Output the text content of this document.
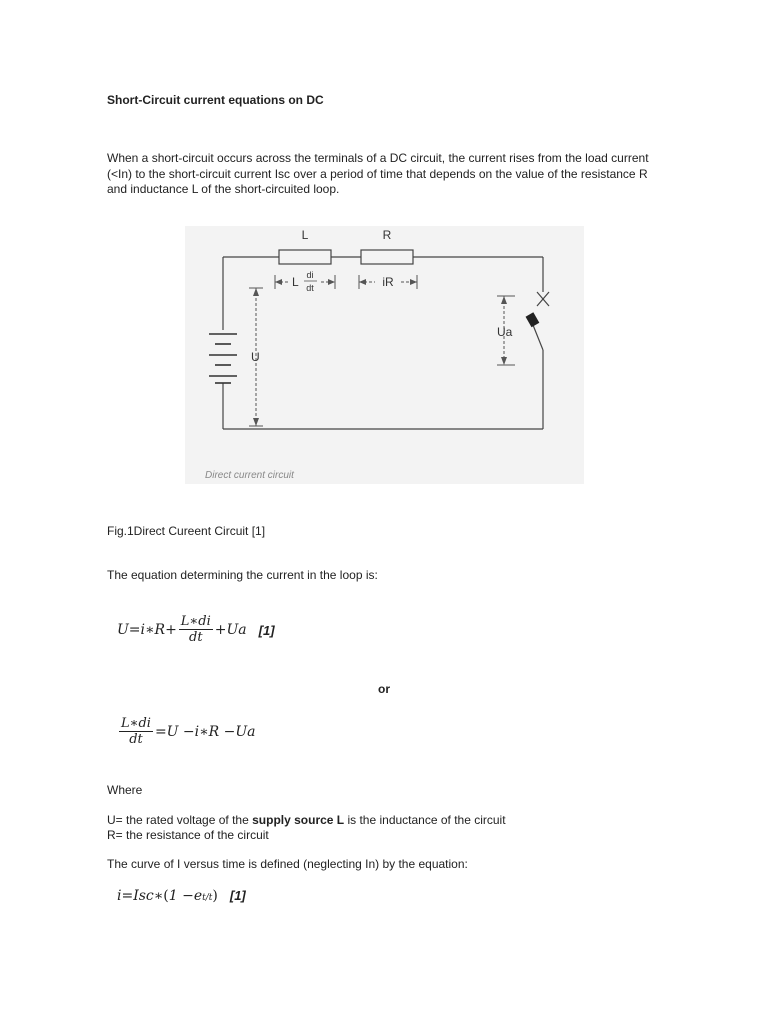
Short-Circuit current equations on DC
When a short-circuit occurs across the terminals of a DC circuit, the current rises from the load current (<In) to the short-circuit current Isc over a period of time that depends on the value of the resistance R and inductance L of the short-circuited loop.
L	R
L di
dt	iR
Ua
U
Direct current circuit
Fig.1Direct Cureent Circuit [1]
The equation determining the current in the loop is:
U=i∗R+ $\frac{L∗di}{dt} +Ua$ [1]
or
$\frac{L∗di}{dt} =U$ −i∗R −Ua
Where
U= the rated voltage of the supply source L is the inductance of the circuit
R= the resistance of the circuit
The curve of I versus time is defined (neglecting In) by the equation:
i=Isc∗ ( 1 −e t/t ) [1]
